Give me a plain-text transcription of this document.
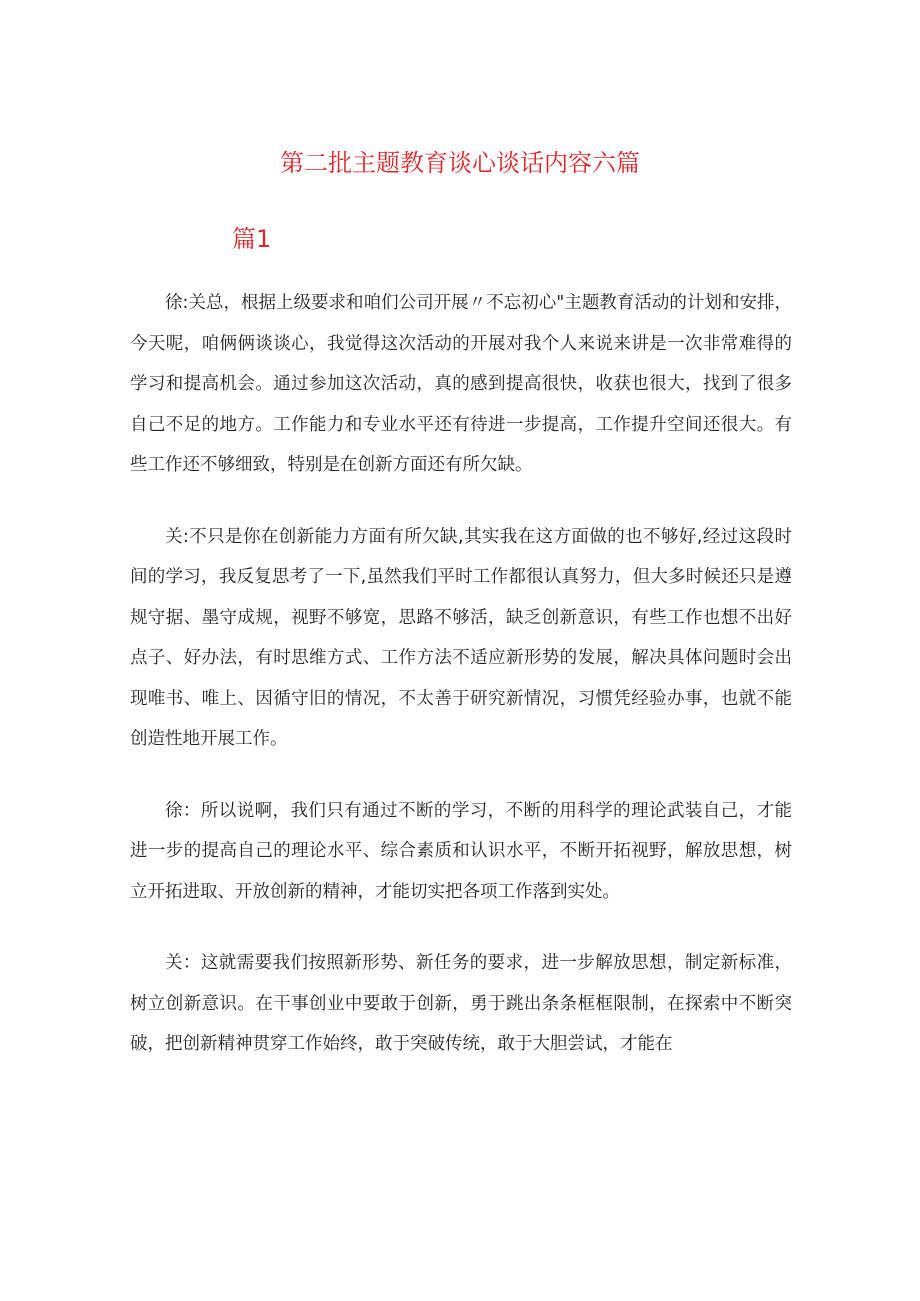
第二批主题教育谈心谈话内容六篇
篇1

徐:关总，根据上级要求和咱们公司开展〃不忘初心"主题教育活动的计划和安排，今天呢，咱俩俩谈谈心，我觉得这次活动的开展对我个人来说来讲是一次非常难得的学习和提高机会。通过参加这次活动，真的感到提高很快，收获也很大，找到了很多自己不足的地方。工作能力和专业水平还有待进一步提高，工作提升空间还很大。有些工作还不够细致，特别是在创新方面还有所欠缺。

关:不只是你在创新能力方面有所欠缺,其实我在这方面做的也不够好,经过这段时间的学习，我反复思考了一下,虽然我们平时工作都很认真努力，但大多时候还只是遵规守据、墨守成规，视野不够宽，思路不够活，缺乏创新意识，有些工作也想不出好点子、好办法，有时思维方式、工作方法不适应新形势的发展，解决具体问题时会出现唯书、唯上、因循守旧的情况，不太善于研究新情况，习惯凭经验办事，也就不能创造性地开展工作。

徐：所以说啊，我们只有通过不断的学习，不断的用科学的理论武装自己，才能进一步的提高自己的理论水平、综合素质和认识水平，不断开拓视野，解放思想，树立开拓进取、开放创新的精神，才能切实把各项工作落到实处。

关：这就需要我们按照新形势、新任务的要求，进一步解放思想，制定新标准，树立创新意识。在干事创业中要敢于创新，勇于跳出条条框框限制，在探索中不断突破，把创新精神贯穿工作始终，敢于突破传统，敢于大胆尝试，才能在
